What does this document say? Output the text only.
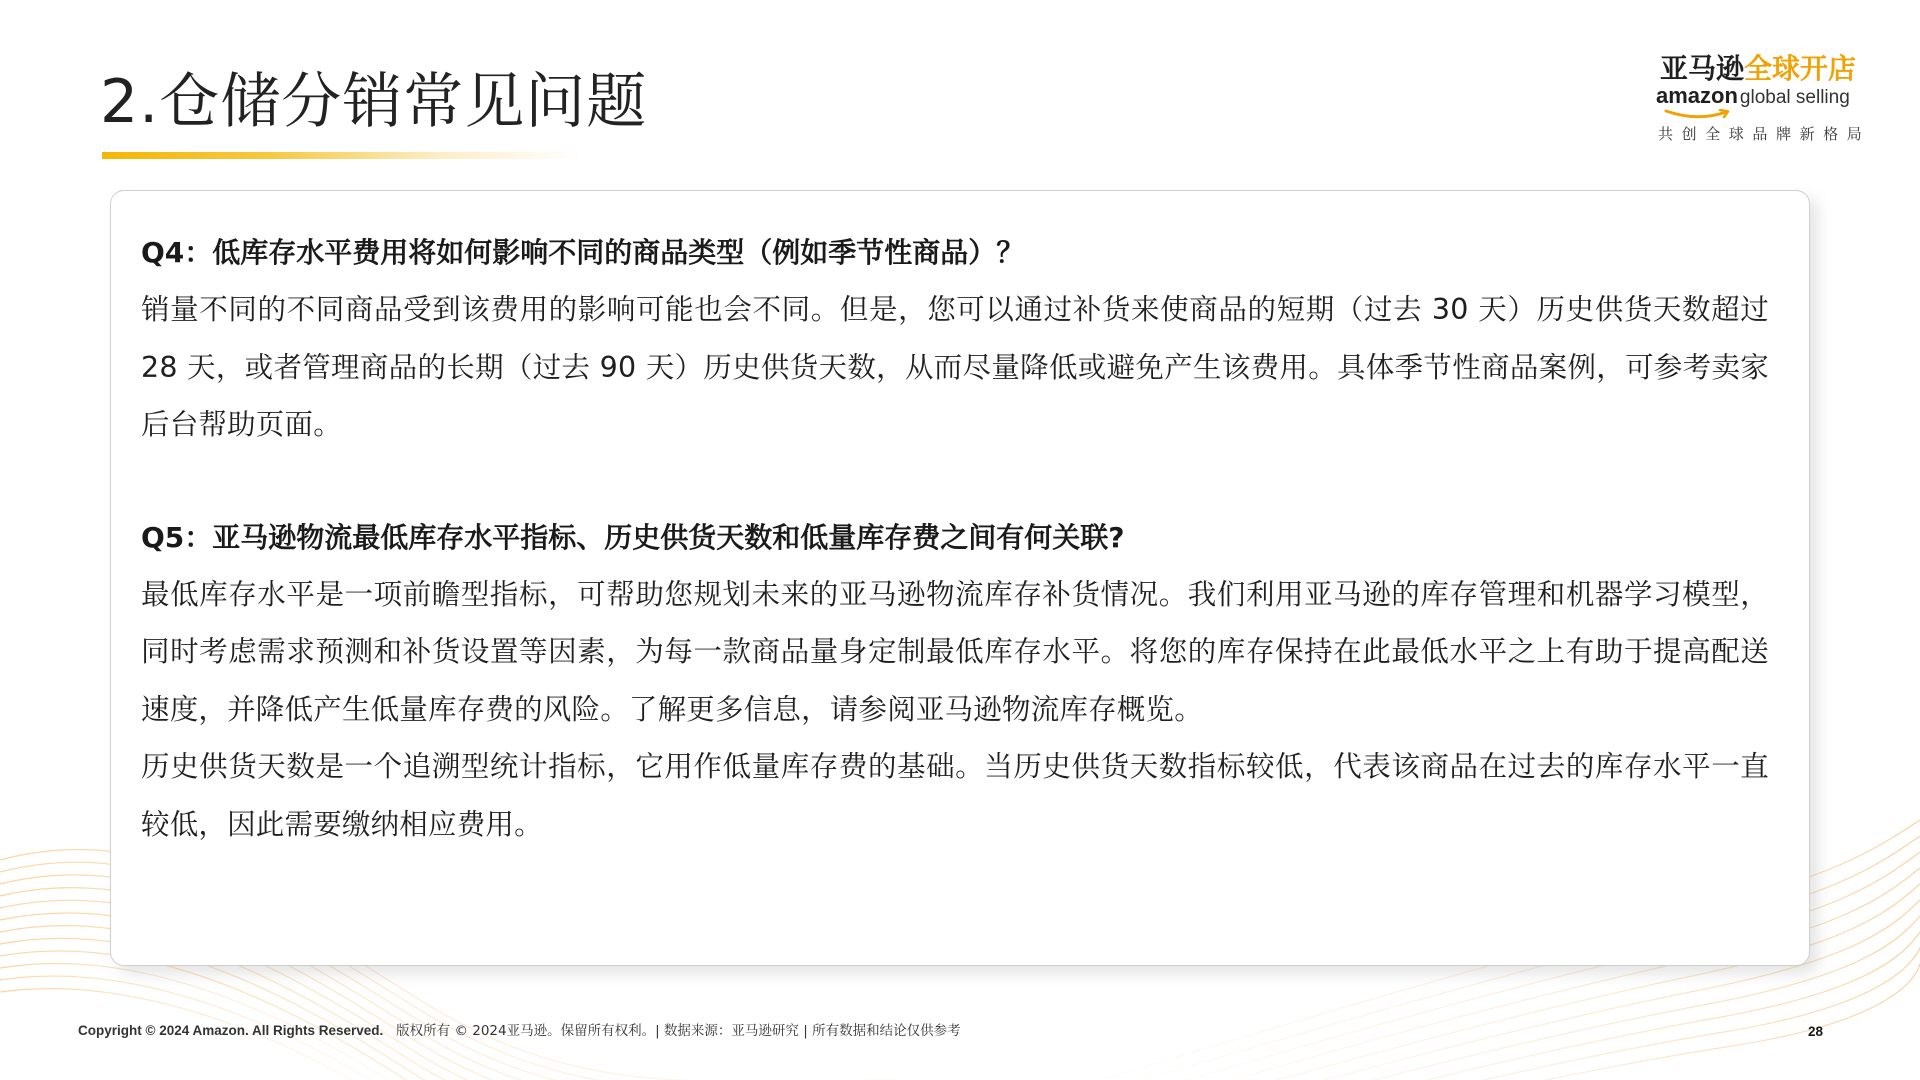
2.仓储分销常见问题	亚马逊全球开店
amazon global selling
共创全球品牌新格局
Q4：低库存水平费用将如何影响不同的商品类型（例如季节性商品）？

销量不同的不同商品受到该费用的影响可能也会不同。但是，您可以通过补货来使商品的短期（过去 30 天）历史供货天数超过 28 天，或者管理商品的长期（过去 90 天）历史供货天数，从而尽量降低或避免产生该费用。具体季节性商品案例，可参考卖家后台帮助页面。

Q5：亚马逊物流最低库存水平指标、历史供货天数和低量库存费之间有何关联?

最低库存水平是一项前瞻型指标，可帮助您规划未来的亚马逊物流库存补货情况。我们利用亚马逊的库存管理和机器学习模型，同时考虑需求预测和补货设置等因素，为每一款商品量身定制最低库存水平。将您的库存保持在此最低水平之上有助于提高配送速度，并降低产生低量库存费的风险。了解更多信息，请参阅亚马逊物流库存概览。

历史供货天数是一个追溯型统计指标，它用作低量库存费的基础。当历史供货天数指标较低，代表该商品在过去的库存水平一直较低，因此需要缴纳相应费用。

Copyright © 2024 Amazon. All Rights Reserved. 版权所有 © 2024亚马逊。保留所有权利。| 数据来源：亚马逊研究 | 所有数据和结论仅供参考	28
